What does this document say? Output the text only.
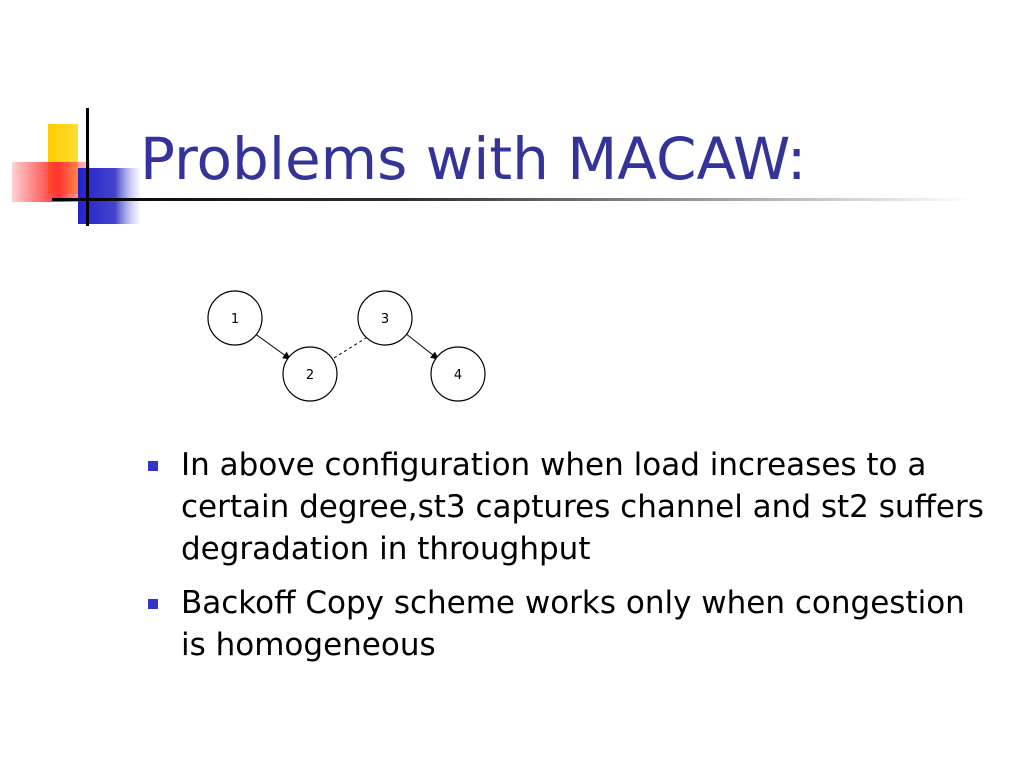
Problems with MACAW:
1
2
3
4
In above configuration when load increases to a certain degree,st3 captures channel and st2 suffers degradation in throughput
Backoff Copy scheme works only when congestion is homogeneous
